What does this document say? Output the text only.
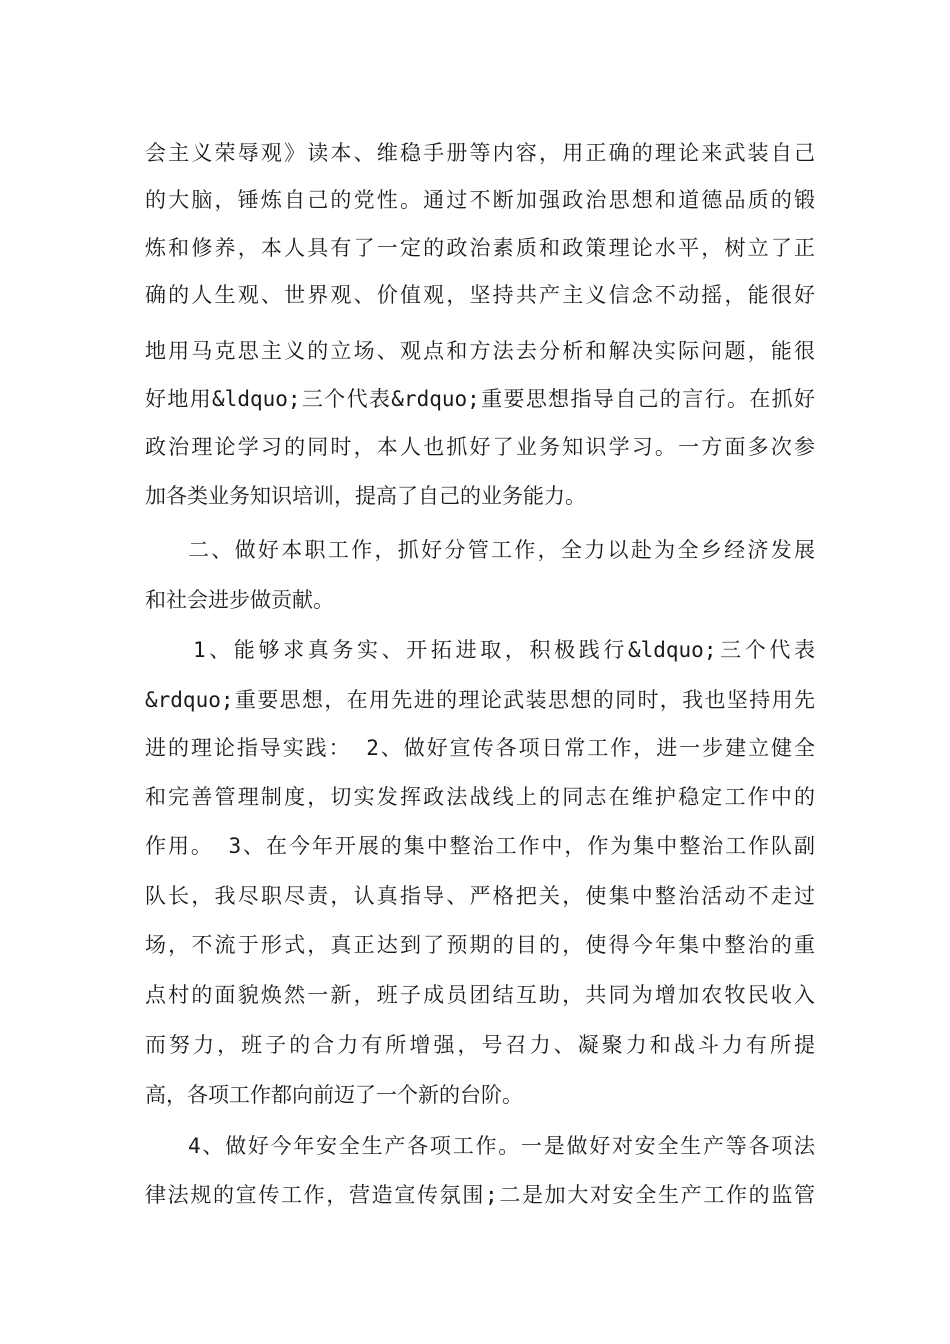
会主义荣辱观》读本、维稳手册等内容，用正确的理论来武装自己
的大脑，锤炼自己的党性。通过不断加强政治思想和道德品质的锻
炼和修养，本人具有了一定的政治素质和政策理论水平，树立了正
确的人生观、世界观、价值观，坚持共产主义信念不动摇，能很好
地用马克思主义的立场、观点和方法去分析和解决实际问题，能很
好地用&ldquo;三个代表&rdquo;重要思想指导自己的言行。在抓好
政治理论学习的同时，本人也抓好了业务知识学习。一方面多次参
加各类业务知识培训，提高了自己的业务能力。
二、做好本职工作，抓好分管工作，全力以赴为全乡经济发展
和社会进步做贡献。
1、能够求真务实、开拓进取，积极践行&ldquo;三个代表
&rdquo;重要思想，在用先进的理论武装思想的同时，我也坚持用先
进的理论指导实践： 2、做好宣传各项日常工作，进一步建立健全
和完善管理制度，切实发挥政法战线上的同志在维护稳定工作中的
作用。 3、在今年开展的集中整治工作中，作为集中整治工作队副
队长，我尽职尽责，认真指导、严格把关，使集中整治活动不走过
场，不流于形式，真正达到了预期的目的，使得今年集中整治的重
点村的面貌焕然一新，班子成员团结互助，共同为增加农牧民收入
而努力，班子的合力有所增强，号召力、凝聚力和战斗力有所提
高，各项工作都向前迈了一个新的台阶。
4、做好今年安全生产各项工作。一是做好对安全生产等各项法
律法规的宣传工作，营造宣传氛围;二是加大对安全生产工作的监管
